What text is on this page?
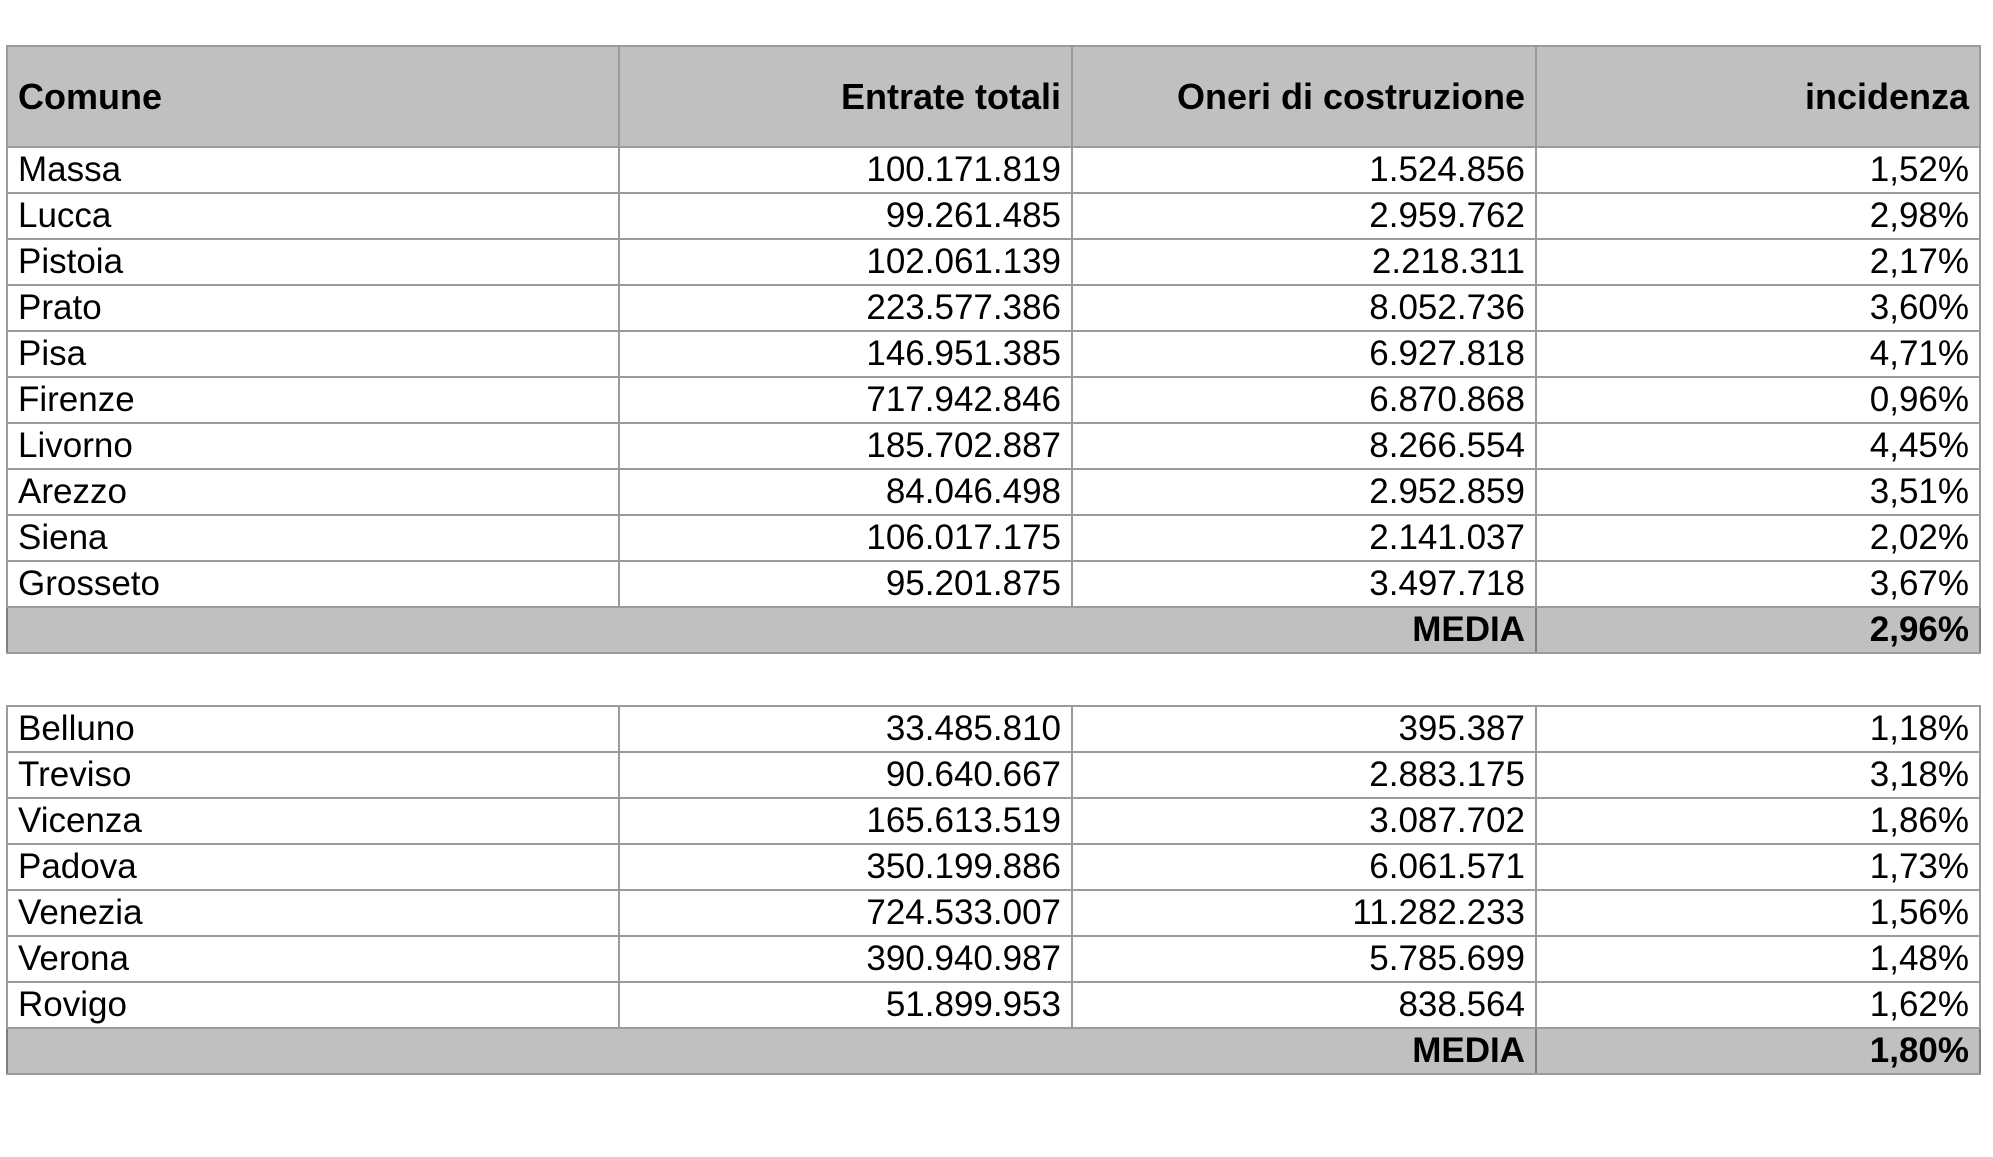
Comune	Entrate totali	Oneri di costruzione	incidenza
Massa	100.171.819	1.524.856	1,52%
Lucca	99.261.485	2.959.762	2,98%
Pistoia	102.061.139	2.218.311	2,17%
Prato	223.577.386	8.052.736	3,60%
Pisa	146.951.385	6.927.818	4,71%
Firenze	717.942.846	6.870.868	0,96%
Livorno	185.702.887	8.266.554	4,45%
Arezzo	84.046.498	2.952.859	3,51%
Siena	106.017.175	2.141.037	2,02%
Grosseto	95.201.875	3.497.718	3,67%
MEDIA			2,96%
Belluno	33.485.810	395.387	1,18%
Treviso	90.640.667	2.883.175	3,18%
Vicenza	165.613.519	3.087.702	1,86%
Padova	350.199.886	6.061.571	1,73%
Venezia	724.533.007	11.282.233	1,56%
Verona	390.940.987	5.785.699	1,48%
Rovigo	51.899.953	838.564	1,62%
MEDIA			1,80%
